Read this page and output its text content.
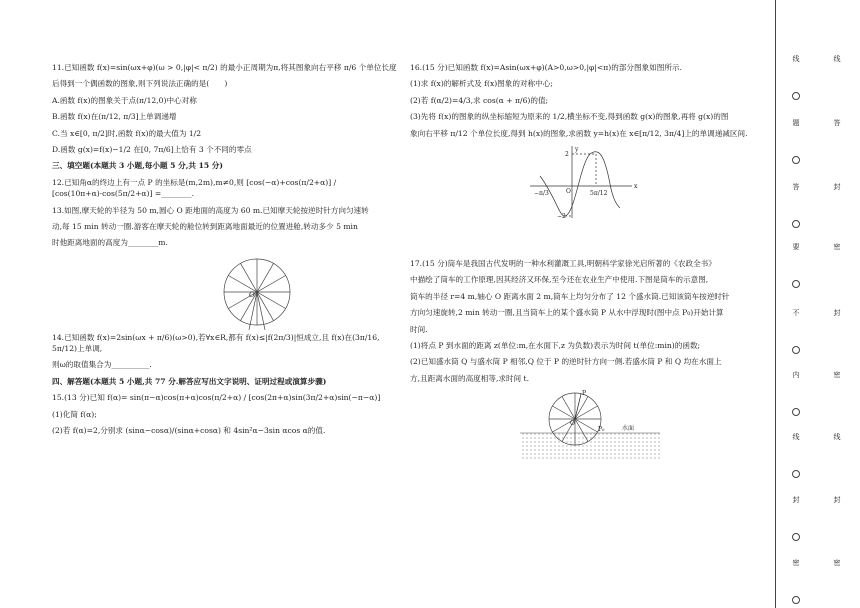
11.已知函数 f(x)=sin(ωx+φ)(ω > 0,|φ|< π/2) 的最小正周期为π,将其图象向右平移 π/6 个单位长度

后得到一个偶函数的图象,则下列说法正确的是(　　)

A.函数 f(x)的图象关于点(π/12,0)中心对称

B.函数 f(x)在(π/12, π/3]上单调递增

C.当 x∈[0, π/2]时,函数 f(x)的最大值为 1/2

D.函数 g(x)=f(x)−1/2 在[0, 7π/6]上恰有 3 个不同的零点

三、填空题(本题共 3 小题,每小题 5 分,共 15 分)

12.已知角α的终边上有一点 P 的坐标是(m,2m),m≠0,则 [cos(−α)+cos(π/2+α)] / [cos(10π+α)·cos(5π/2+α)] =________.

13.如图,摩天轮的半径为 50 m,圆心 O 距地面的高度为 60 m.已知摩天轮按逆时针方向匀速转

动,每 15 min 转动一圈.游客在摩天轮的舱位转到距离地面最近的位置进舱,转动多少 5 min

时他距离地面的高度为________m.

O

14.已知函数 f(x)=2sin(ωx + π/6)(ω>0),若∀x∈R,都有 f(x)≤|f(2π/3)|恒成立,且 f(x)在(3π/16, 5π/12)上单调,

则ω的取值集合为__________.

四、解答题(本题共 5 小题,共 77 分.解答应写出文字说明、证明过程或演算步骤)

15.(13 分)已知 f(α)= sin(π−α)cos(π+α)cos(π/2+α) / [cos(2π+α)sin(3π/2+α)sin(−π−α)]

(1)化简 f(α);

(2)若 f(α)=2,分别求 (sinα−cosα)/(sinα+cosα) 和 4sin²α−3sin αcos α的值.

16.(15 分)已知函数 f(x)=Asin(ωx+φ)(A>0,ω>0,|φ|<π)的部分图象如图所示.

(1)求 f(x)的解析式及 f(x)图象的对称中心;

(2)若 f(α/2)=4/3,求 cos(α + π/6)的值;

(3)先将 f(x)的图象的纵坐标缩短为原来的 1/2,横坐标不变,得到函数 g(x)的图象,再将 g(x)的图

象向右平移 π/12 个单位长度,得到 h(x)的图象,求函数 y=h(x)在 x∈[π/12, 3π/4]上的单调递减区间.

y
2
−2
O
x
−π/3	5π/12

17.(15 分)筒车是我国古代发明的一种水利灌溉工具,明朝科学家徐光启所著的《农政全书》

中描绘了筒车的工作原理,因其经济又环保,至今还在农业生产中使用.下图是筒车的示意图,

筒车的半径 r=4 m,轴心 O 距离水面 2 m,筒车上均匀分布了 12 个盛水筒.已知该筒车按逆时针

方向匀速旋转,2 min 转动一圈,且当筒车上的某个盛水筒 P 从水中浮现时(图中点 P₀)开始计算

时间.

(1)将点 P 到水面的距离 z(单位:m,在水面下,z 为负数)表示为时间 t(单位:min)的函数;

(2)已知盛水筒 Q 与盛水筒 P 相邻,Q 位于 P 的逆时针方向一侧.若盛水筒 P 和 Q 均在水面上

方,且距离水面的高度相等,求时间 t.

P
P₀
O
水面
线
题
答
要
不
内
线
封
密
线
答
封
密
封
密
线
封
密
